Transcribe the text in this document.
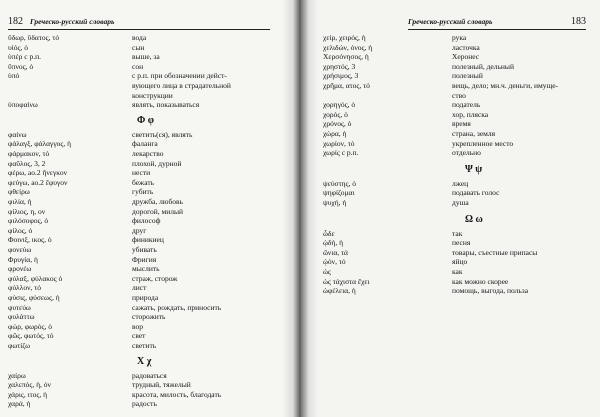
182 Греческо-русский словарь
ὕδωρ, ὕδατος, τό	вода
υἱός, ὁ	сын
ὑπέρ с р.п.	выше, за
ὕπνος, ὁ	сон
ὑπό	с р.п. при обозначении дейст-
вующего лица в страдательной
конструкции
ὑποφαίνω	являть, показываться
Φ φ
φαίνω	светить(ся), являть
φάλαγξ, φάλαγγος, ἡ	фаланга
φάρμακον, τό	лекарство
φαῦλος, 3, 2	плохой, дурной
φέρω, ao.2 ἤνεγκον	нести
φεύγω, ao.2 ἔφυγον	бежать
φθείρω	губить
φιλία, ἡ	дружба, любовь
φίλιος, η, ον	дорогой, милый
φιλόσοφος, ὁ	философ
φίλος, ὁ	друг
Φοινιξ, ικος, ὁ	финикиец
φονεύω	убивать
Φρυγία, ἡ	Фригия
φρονέω	мыслить
φύλαξ, φύλακος ὁ	страж, сторож
φύλλον, τό	лист
φύσις, φύσεως, ἡ	природа
φυτεύω	сажать, рождать, приносить
φυλάττω	сторожить
φώρ, φωρός, ὁ	вор
φῶς, φωτός, τό	свет
φωτίζω	светить
Χ χ
χαίρω	радоваться
χαλεπός, ἡ, όν	трудный, тяжелый
χάρις, ιτος, ἡ	красота, милость, благодать
χαρά, ἡ	радость
Греческо-русский словарь	183
χείρ, χειρός, ἡ	рука
χελιδών, όνος, ἡ	ласточка
Χερσόνησος, ἡ	Херонес
χρηστός, 3	полезный, дельный
χρήσιμος, 3	полезный
χρῆμα, ατος, τό	вещь, дело; мн.ч. деньги, имуще-
ство
χορηγός, ὁ	податель
χορός, ὁ	хор, пляска
χρόνος, ὁ	время
χώρα, ἡ	страна, земля
χωρίον, τό	укрепленное место
χωρίς с р.п.	отдельно
Ψ ψ
ψεύστης, ὁ	лжец
ψηφίζομαι	подавать голос
ψυχή, ἡ	душа
Ω ω
ὧδε	так
ᾠδή, ἡ	песня
ὤνια, τά	товары, съестные припасы
ᾠόν, τό	яйцо
ὡς	как
ὡς τάχιστα ἔχει	как можно скорее
ὠφέλεια, ἡ	помощь, выгода, польза
